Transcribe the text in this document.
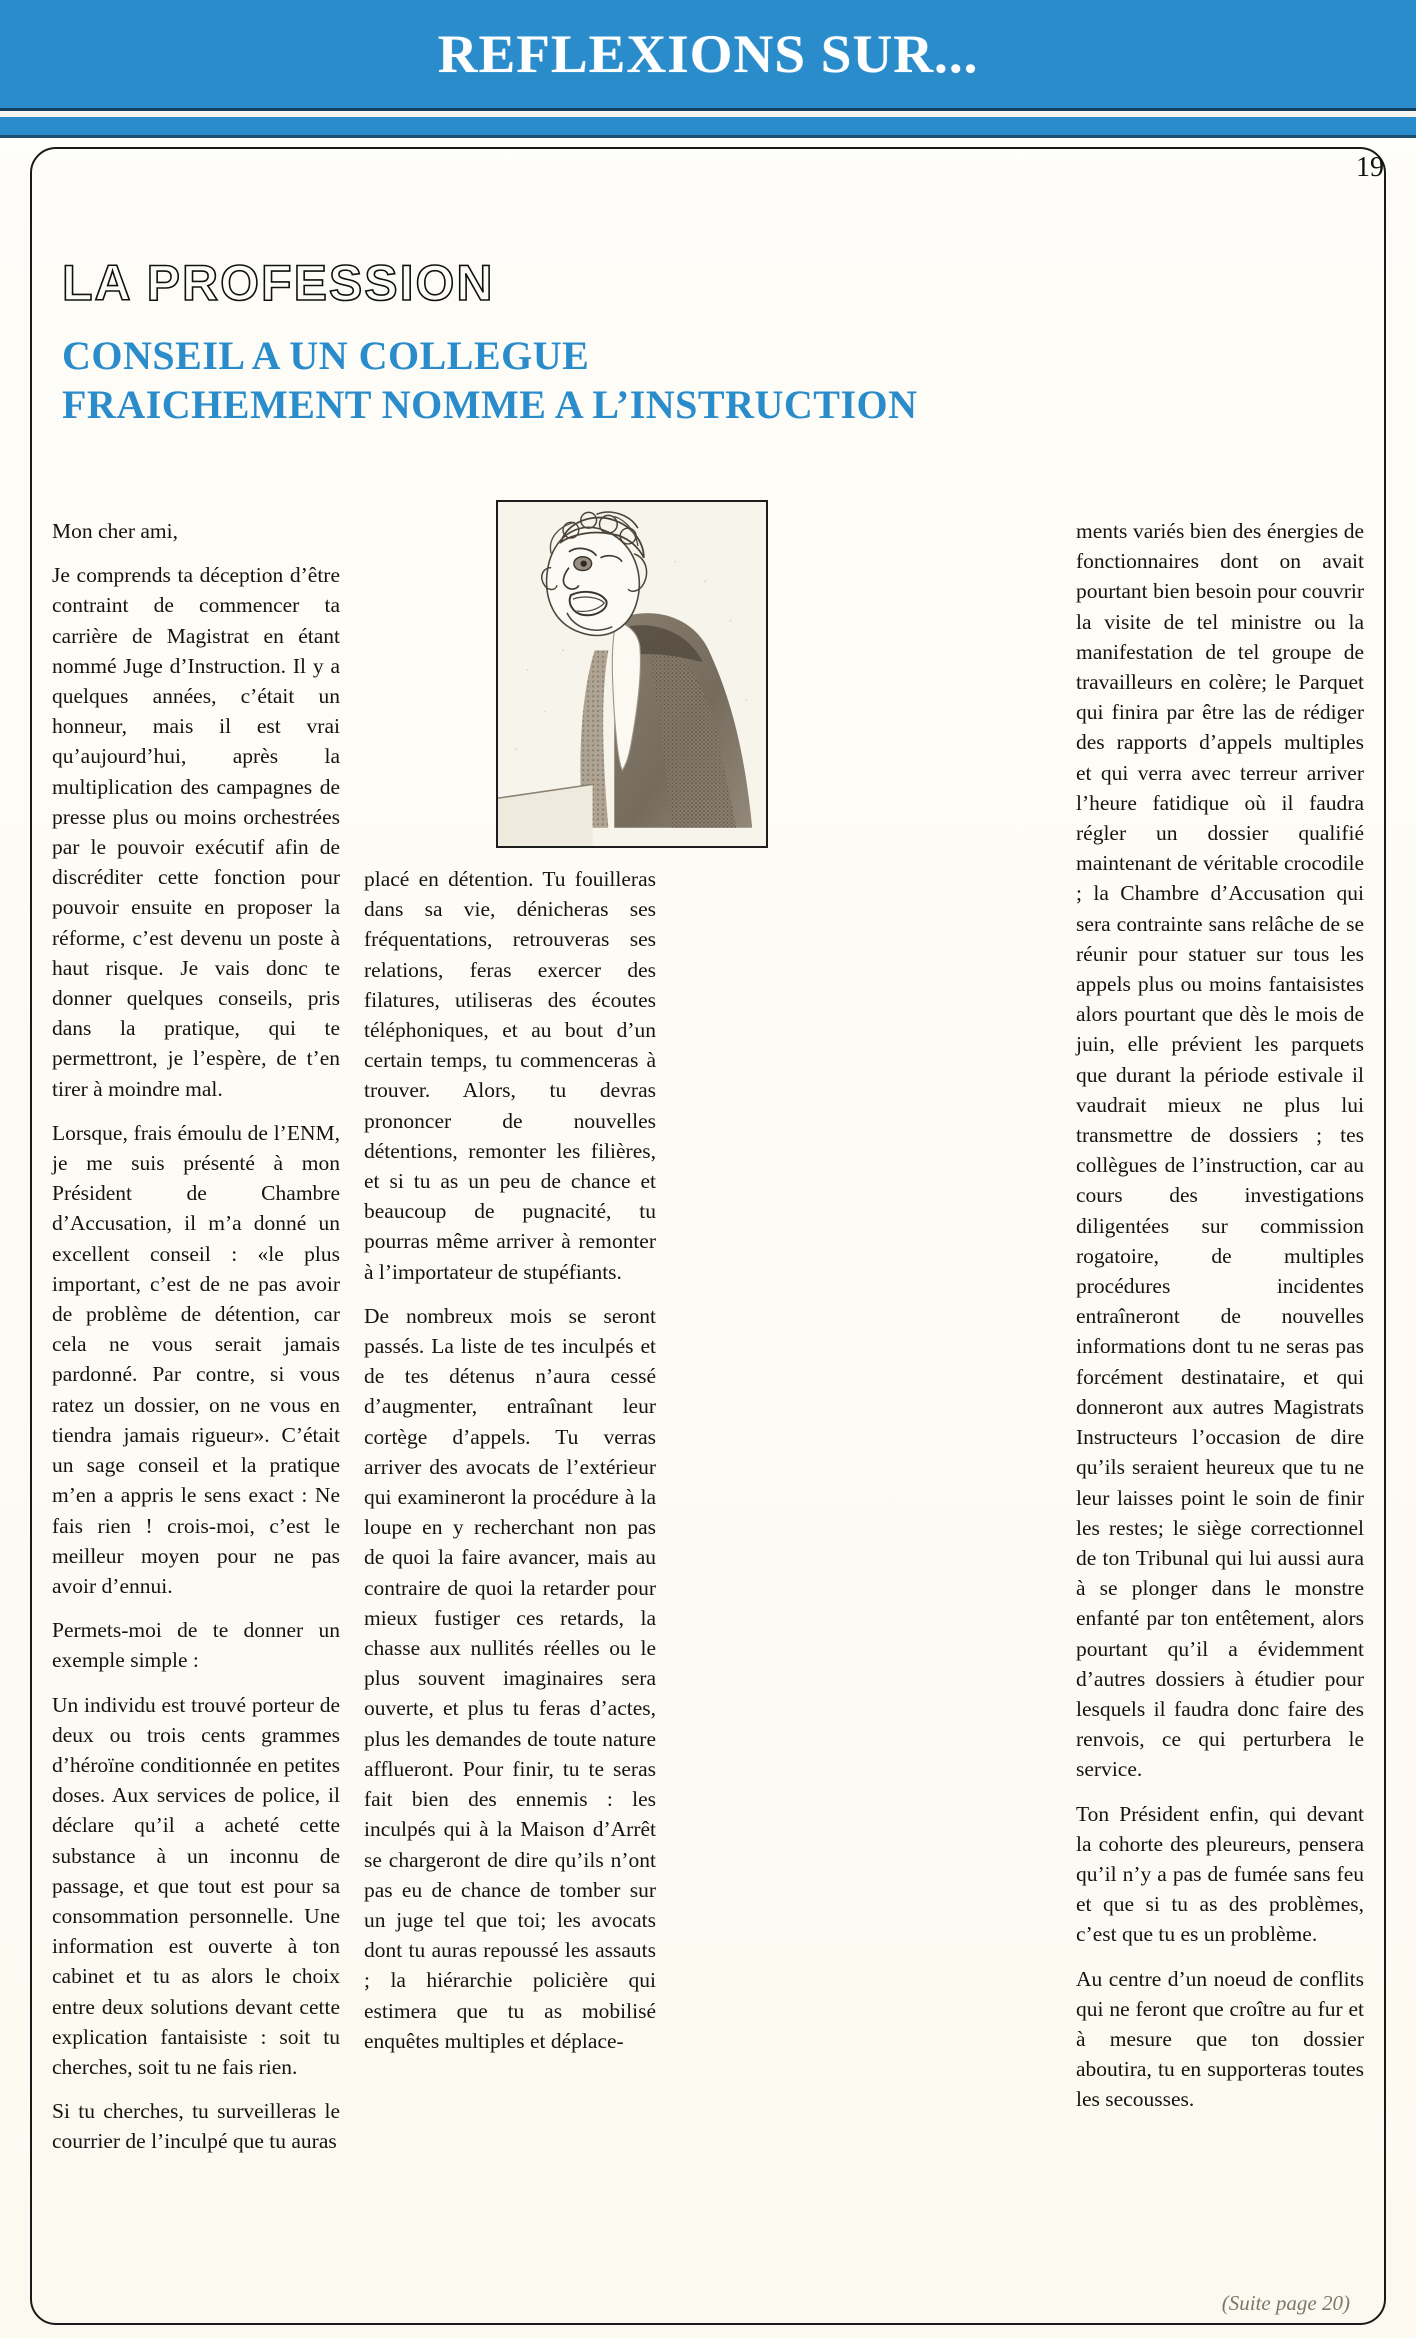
REFLEXIONS SUR...
19
LA PROFESSION
CONSEIL A UN COLLEGUE
FRAICHEMENT NOMME A L’INSTRUCTION

Mon cher ami,

Je comprends ta déception d’être contraint de commencer ta carrière de Magistrat en étant nommé Juge d’Instruction. Il y a quelques années, c’était un honneur, mais il est vrai qu’aujourd’hui, après la multiplication des campagnes de presse plus ou moins orchestrées par le pouvoir exécutif afin de discréditer cette fonction pour pouvoir ensuite en proposer la réforme, c’est devenu un poste à haut risque. Je vais donc te donner quelques conseils, pris dans la pratique, qui te permettront, je l’espère, de t’en tirer à moindre mal.

Lorsque, frais émoulu de l’ENM, je me suis présenté à mon Président de Chambre d’Accusation, il m’a donné un excellent conseil : «le plus important, c’est de ne pas avoir de problème de détention, car cela ne vous serait jamais pardonné. Par contre, si vous ratez un dossier, on ne vous en tiendra jamais rigueur». C’était un sage conseil et la pratique m’en a appris le sens exact : Ne fais rien ! crois-moi, c’est le meilleur moyen pour ne pas avoir d’ennui.

Permets-moi de te donner un exemple simple :

Un individu est trouvé porteur de deux ou trois cents grammes d’héroïne conditionnée en petites doses. Aux services de police, il déclare qu’il a acheté cette substance à un inconnu de passage, et que tout est pour sa consommation personnelle. Une information est ouverte à ton cabinet et tu as alors le choix entre deux solutions devant cette explication fantaisiste : soit tu cherches, soit tu ne fais rien.

Si tu cherches, tu surveilleras le courrier de l’inculpé que tu auras

placé en détention. Tu fouilleras dans sa vie, dénicheras ses fréquentations, retrouveras ses relations, feras exercer des filatures, utiliseras des écoutes téléphoniques, et au bout d’un certain temps, tu commenceras à trouver. Alors, tu devras prononcer de nouvelles détentions, remonter les filières, et si tu as un peu de chance et beaucoup de pugnacité, tu pourras même arriver à remonter à l’importateur de stupéfiants.

De nombreux mois se seront passés. La liste de tes inculpés et de tes détenus n’aura cessé d’augmenter, entraînant leur cortège d’appels. Tu verras arriver des avocats de l’extérieur qui examineront la procédure à la loupe en y recherchant non pas de quoi la faire avancer, mais au contraire de quoi la retarder pour mieux fustiger ces retards, la chasse aux nullités réelles ou le plus souvent imaginaires sera ouverte, et plus tu feras d’actes, plus les demandes de toute nature afflueront. Pour finir, tu te seras fait bien des ennemis : les inculpés qui à la Maison d’Arrêt se chargeront de dire qu’ils n’ont pas eu de chance de tomber sur un juge tel que toi; les avocats dont tu auras repoussé les assauts ; la hiérarchie policière qui estimera que tu as mobilisé enquêtes multiples et déplace-

ments variés bien des énergies de fonctionnaires dont on avait pourtant bien besoin pour couvrir la visite de tel ministre ou la manifestation de tel groupe de travailleurs en colère; le Parquet qui finira par être las de rédiger des rapports d’appels multiples et qui verra avec terreur arriver l’heure fatidique où il faudra régler un dossier qualifié maintenant de véritable crocodile ; la Chambre d’Accusation qui sera contrainte sans relâche de se réunir pour statuer sur tous les appels plus ou moins fantaisistes alors pourtant que dès le mois de juin, elle prévient les parquets que durant la période estivale il vaudrait mieux ne plus lui transmettre de dossiers ; tes collègues de l’instruction, car au cours des investigations diligentées sur commission rogatoire, de multiples procédures incidentes entraîneront de nouvelles informations dont tu ne seras pas forcément destinataire, et qui donneront aux autres Magistrats Instructeurs l’occasion de dire qu’ils seraient heureux que tu ne leur laisses point le soin de finir les restes; le siège correctionnel de ton Tribunal qui lui aussi aura à se plonger dans le monstre enfanté par ton entêtement, alors pourtant qu’il a évidemment d’autres dossiers à étudier pour lesquels il faudra donc faire des renvois, ce qui perturbera le service.

Ton Président enfin, qui devant la cohorte des pleureurs, pensera qu’il n’y a pas de fumée sans feu et que si tu as des problèmes, c’est que tu es un problème.

Au centre d’un noeud de conflits qui ne feront que croître au fur et à mesure que ton dossier aboutira, tu en supporteras toutes les secousses.

(Suite page 20)
